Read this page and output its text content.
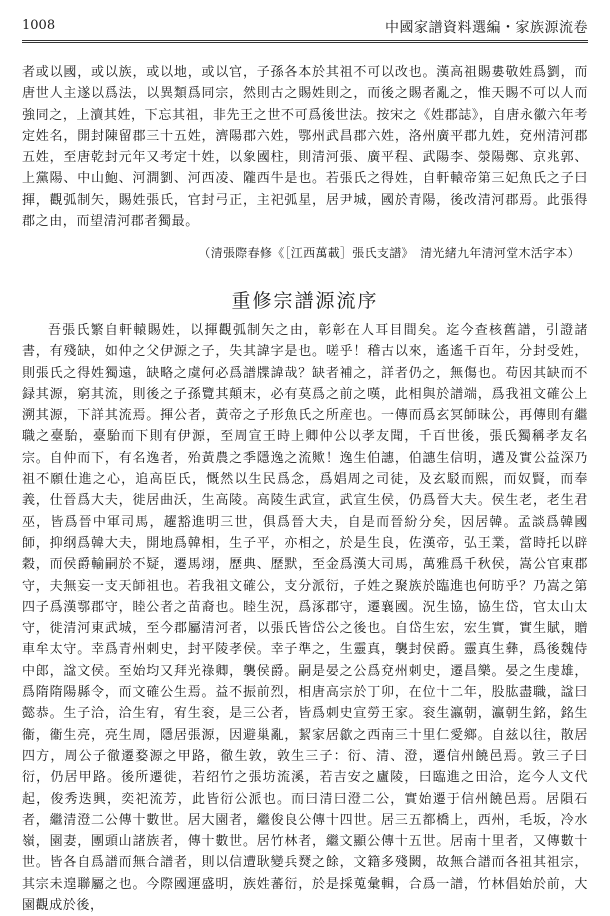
1008	中國家譜資料選編・家族源流卷

者或以國，或以族，或以地，或以官，子孫各本於其祖不可以改也。漢高祖賜婁敬姓爲劉，而唐世人主遂以爲法，以異類爲同宗，然則古之賜姓則之，而後之賜者亂之，惟天賜不可以人而強同之，上瀆其姓，下忘其祖，非先王之世不可爲後世法。按宋之《姓郡誌》，自唐永徽六年考定姓名，開封陳留郡三十五姓，濟陽郡六姓，鄂州武昌郡六姓，洛州廣平郡九姓，兗州清河郡五姓，至唐乾封元年又考定十姓，以象國柱，則清河張、廣平程、武陽李、滎陽鄭、京兆郭、上黨陽、中山鮑、河澗劉、河西凌、隴西牛是也。若張氏之得姓，自軒轅帝第三妃魚氏之子曰揮，觀弧制矢，賜姓張氏，官封弓正，主祀弧星，居尹城，國於青陽，後改清河郡焉。此張得郡之由，而望清河郡者獨最。

（清張際春修《［江西萬載］張氏支譜》　清光緒九年清河堂木活字本）

重修宗譜源流序

吾張氏繁自軒轅賜姓，以揮觀弧制矢之由，彰彰在人耳目間矣。迄今查核舊譜，引證諸書，有殘缺，如仲之父伊源之子，失其諱字是也。嗟乎！稽古以來，遙遙千百年，分封受姓，則張氏之得姓獨遠，缺略之虞何必爲譜牒諱哉？缺者補之，詳者仍之，無傷也。苟因其缺而不録其源，窮其流，則後之子孫覽其顛末，必有莫爲之前之嘆，此相與於譜端，爲我祖文確公上溯其源，下詳其流焉。揮公者，黃帝之子形魚氏之所産也。一傳而爲玄冥師昧公，再傳則有繼職之臺駘，臺駘而下則有伊源，至周宣王時上卿仲公以孝友聞，千百世後，張氏獨稱孝友名宗。自仲而下，有名逸者，殆黃農之季隱逸之流歟！逸生伯譓，伯譓生信明，遘及實公益深乃祖不願仕進之心，追高臣氏，慨然以生民爲念，爲娼周之司徒，及玄駁而熙，而奴賢，而奉義，仕晉爲大夫，徙居曲沃，生高陵。高陵生武宣，武宣生侯，仍爲晉大夫。侯生老，老生君巫，皆爲晉中軍司馬，趯豁進明三世，俱爲晉大夫，自是而晉紛分矣，因居韓。孟談爲韓國師，抑纲爲韓大夫，開地爲韓相，生子平，亦相之，於是生良，佐漢帝，弘王業，當時托以辟穀，而侯爵輸嗣於不疑，遷馬翊，歷典、歷默，至金爲漢大司馬，萬雅爲千秋侯，嵩公官東郡守，夫無妄一支天師祖也。若我祖文確公，支分派衍，子姓之聚族於臨進也何昉乎？乃嵩之第四子爲漢鄠郡守，睦公者之苗裔也。睦生況，爲涿郡守，遷襄國。況生協，協生岱，官太山太守，徙清河東武城，至今郡屬清河者，以張氏皆岱公之後也。自岱生宏，宏生實，實生賦，贈車牟太守。幸爲青州刺史，封平陵孝侯。幸子準之，生靈真，襲封侯爵。靈真生彝，爲後魏侍中郎，諡文侯。至始均又拜光祿卿，襲侯爵。嗣是晏之公爲兗州刺史，遷昌樂。晏之生虔雄，爲隋隋陽縣令，而文確公生焉。益不振前烈，相唐高宗於丁卯，在位十二年，股肱盡職，諡曰懿恭。生子洽，洽生宥，宥生衮，是三公者，皆爲刺史宣勞王家。衮生瀛朝，瀛朝生銘，銘生衞，衞生亮，亮生周，隱居張源，因避巢亂，絜家居歙之西南三十里仁愛鄉。自兹以往，散居四方，周公子徹遷婺源之甲路，徹生敦，敦生三子：衍、清、澄，遷信州饒邑焉。敦三子曰衍，仍居甲路。後所遷徙，若绍竹之張坊流溪，若吉安之廬陵，曰臨進之田洽，迄今人文代起，俊秀迭興，奕祀流芳，此皆衍公派也。而曰清曰澄二公，實始遷于信州饒邑焉。居隕石者，繼清澄二公傳十數世。居大園者，繼俊良公傳十四世。居三五都橋上，西州，毛坂，冷水嶺，園妻，團頭山諸族者，傳十數世。居竹林者，繼文顯公傳十五世。居南十里者，又傳數十世。皆各自爲譜而無合譜者，則以信遭耿變兵燹之餘，文籍多殘闕，故無合譜而各祖其祖宗，其宗未遑聯屬之也。今際國運盛明，族姓蕃衍，於是採蒐彙輯，合爲一譜，竹林倡始於前，大園觀成於後，
